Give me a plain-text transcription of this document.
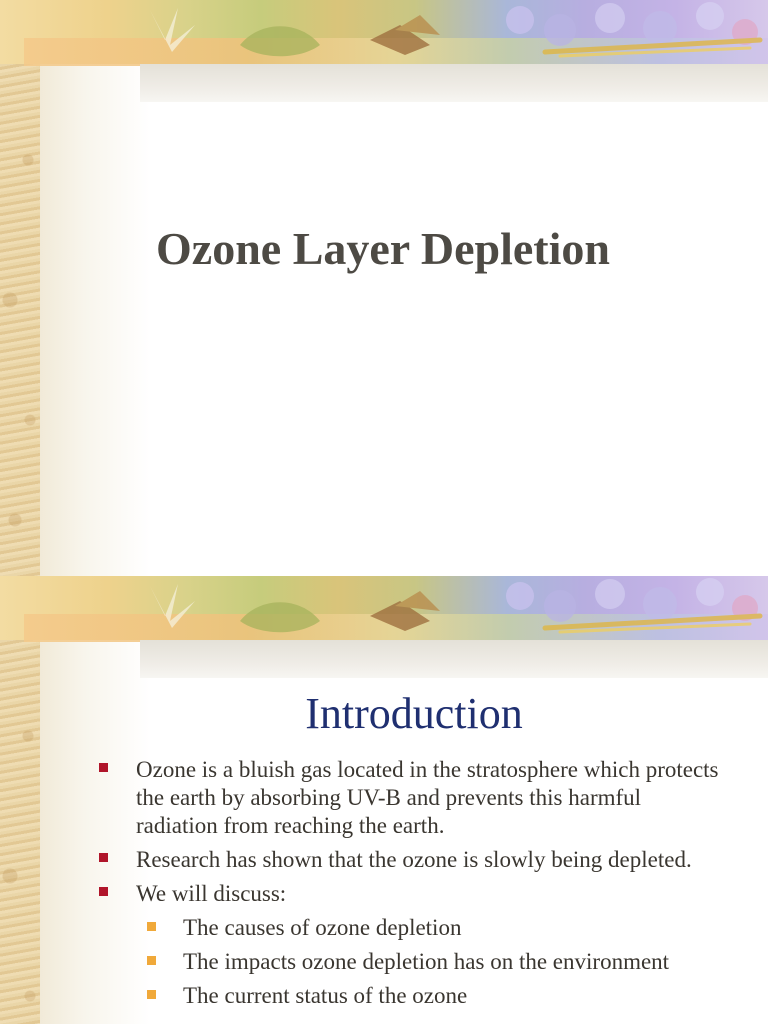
Ozone Layer Depletion
Introduction
Ozone is a bluish gas located in the stratosphere which protects the earth by absorbing UV-B and prevents this harmful radiation from reaching the earth.
Research has shown that the ozone is slowly being depleted.
We will discuss:
The causes of ozone depletion
The impacts ozone depletion has on the environment
The current status of the ozone
